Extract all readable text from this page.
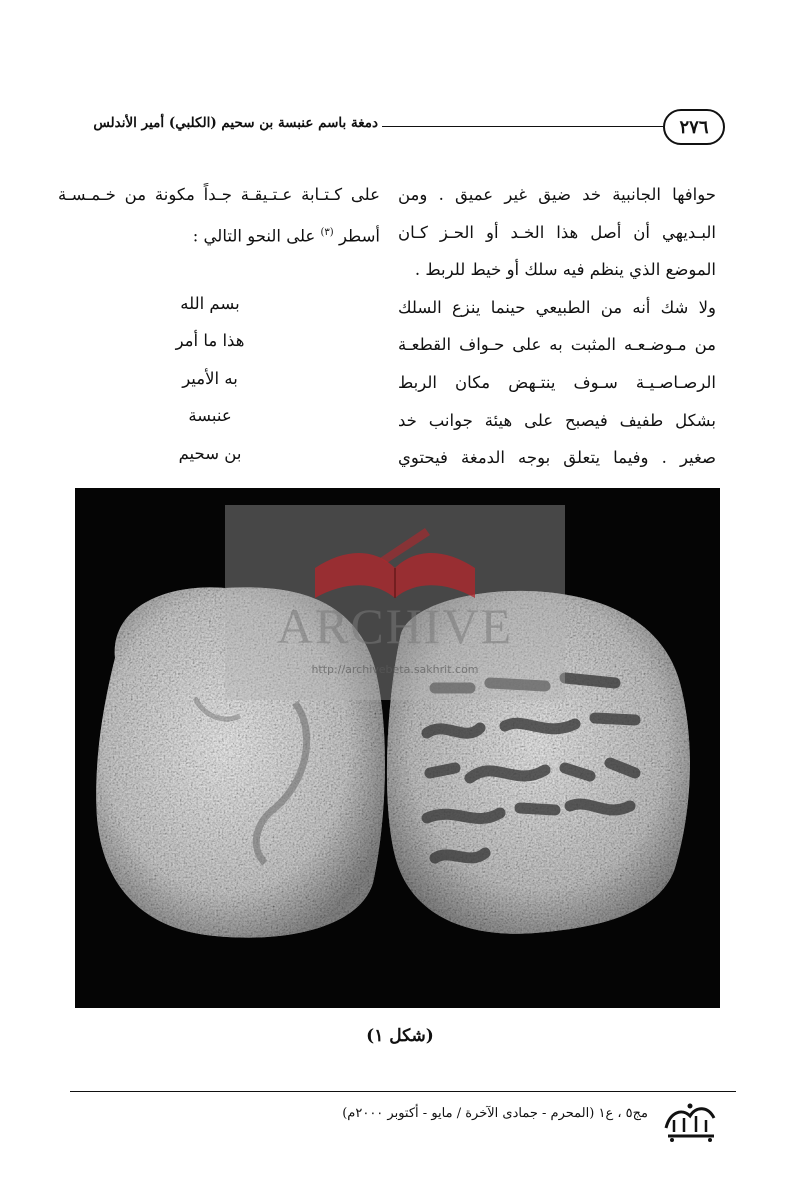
٢٧٦
دمغة باسم عنبسة بن سحيم (الكلبي) أمير الأندلس
حوافها الجانبية خد ضيق غير عميق . ومن
البـديهي أن أصل هذا الخـد أو الحـز كـان
الموضع الذي ينظم فيه سلك أو خيط للربط .
ولا شك أنه من الطبيعي حينما ينزع السلك
من مـوضـعـه المثبت به على حـواف القطعـة
الرصـاصـيـة سـوف ينتـهض مكان الربط
بشكل طفيف فيصبح على هيئة جوانب خد
صغير . وفيما يتعلق بوجه الدمغة فيحتوي
على كـتـابة عـتـيقـة جـداً مكونة من خـمـسـة
أسطر $^{(٣)}$ على النحو التالي :
بسم الله
هذا ما أمر
به الأمير
عنبسة
بن سحيم
ARCHIVE
http://archivebeta.sakhrit.com
(شكل ١)
مج٥ ، ع١ (المحرم - جمادى الآخرة / مايو - أكتوبر ٢٠٠٠م)
